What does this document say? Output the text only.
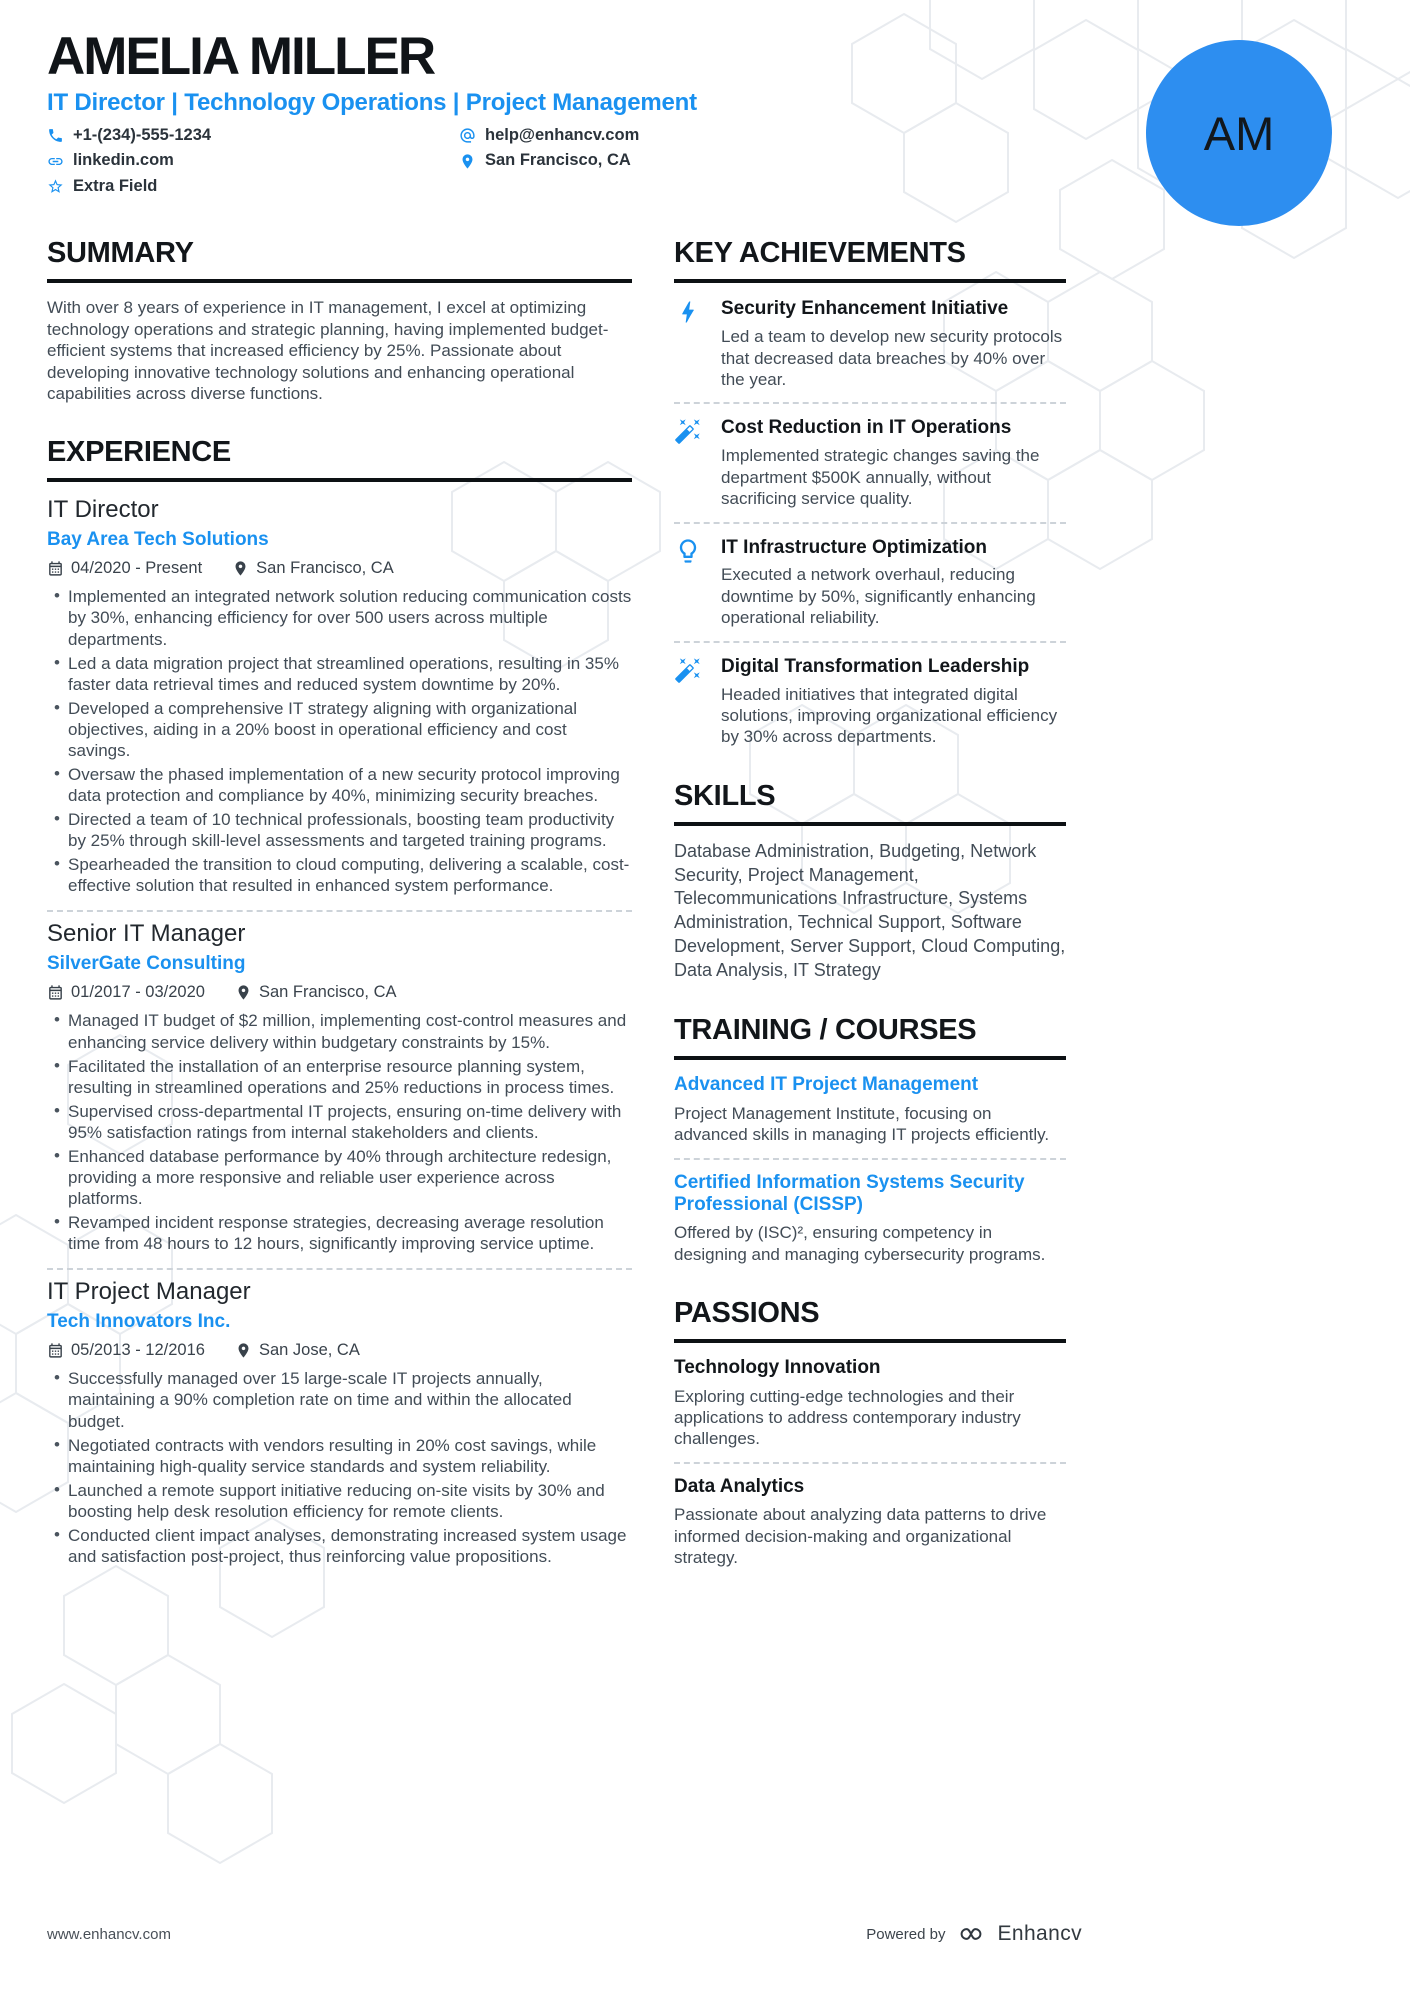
AM
AMELIA MILLER

IT Director | Technology Operations | Project Management

+1-(234)-555-1234	help@enhancv.com
linkedin.com	San Francisco, CA
Extra Field
SUMMARY

With over 8 years of experience in IT management, I excel at optimizing technology operations and strategic planning, having implemented budget-efficient systems that increased efficiency by 25%. Passionate about developing innovative technology solutions and enhancing operational capabilities across diverse functions.

EXPERIENCE
IT Director

Bay Area Tech Solutions

04/2020 - Present	San Francisco, CA
• Implemented an integrated network solution reducing communication costs by 30%, enhancing efficiency for over 500 users across multiple departments.
• Led a data migration project that streamlined operations, resulting in 35% faster data retrieval times and reduced system downtime by 20%.
• Developed a comprehensive IT strategy aligning with organizational objectives, aiding in a 20% boost in operational efficiency and cost savings.
• Oversaw the phased implementation of a new security protocol improving data protection and compliance by 40%, minimizing security breaches.
• Directed a team of 10 technical professionals, boosting team productivity by 25% through skill-level assessments and targeted training programs.
• Spearheaded the transition to cloud computing, delivering a scalable, cost-effective solution that resulted in enhanced system performance.
Senior IT Manager

SilverGate Consulting

01/2017 - 03/2020	San Francisco, CA
• Managed IT budget of $2 million, implementing cost-control measures and enhancing service delivery within budgetary constraints by 15%.
• Facilitated the installation of an enterprise resource planning system, resulting in streamlined operations and 25% reductions in process times.
• Supervised cross-departmental IT projects, ensuring on-time delivery with 95% satisfaction ratings from internal stakeholders and clients.
• Enhanced database performance by 40% through architecture redesign, providing a more responsive and reliable user experience across platforms.
• Revamped incident response strategies, decreasing average resolution time from 48 hours to 12 hours, significantly improving service uptime.
IT Project Manager

Tech Innovators Inc.

05/2013 - 12/2016	San Jose, CA
• Successfully managed over 15 large-scale IT projects annually, maintaining a 90% completion rate on time and within the allocated budget.
• Negotiated contracts with vendors resulting in 20% cost savings, while maintaining high-quality service standards and system reliability.
• Launched a remote support initiative reducing on-site visits by 30% and boosting help desk resolution efficiency for remote clients.
• Conducted client impact analyses, demonstrating increased system usage and satisfaction post-project, thus reinforcing value propositions.
KEY ACHIEVEMENTS
Security Enhancement Initiative

Led a team to develop new security protocols that decreased data breaches by 40% over the year.

Cost Reduction in IT Operations

Implemented strategic changes saving the department $500K annually, without sacrificing service quality.

IT Infrastructure Optimization

Executed a network overhaul, reducing downtime by 50%, significantly enhancing operational reliability.

Digital Transformation Leadership

Headed initiatives that integrated digital solutions, improving organizational efficiency by 30% across departments.

SKILLS

Database Administration, Budgeting, Network Security, Project Management, Telecommunications Infrastructure, Systems Administration, Technical Support, Software Development, Server Support, Cloud Computing, Data Analysis, IT Strategy

TRAINING / COURSES
Advanced IT Project Management

Project Management Institute, focusing on advanced skills in managing IT projects efficiently.

Certified Information Systems Security Professional (CISSP)

Offered by (ISC)², ensuring competency in designing and managing cybersecurity programs.

PASSIONS
Technology Innovation

Exploring cutting-edge technologies and their applications to address contemporary industry challenges.

Data Analytics

Passionate about analyzing data patterns to drive informed decision-making and organizational strategy.

www.enhancv.com	Powered by Enhancv
